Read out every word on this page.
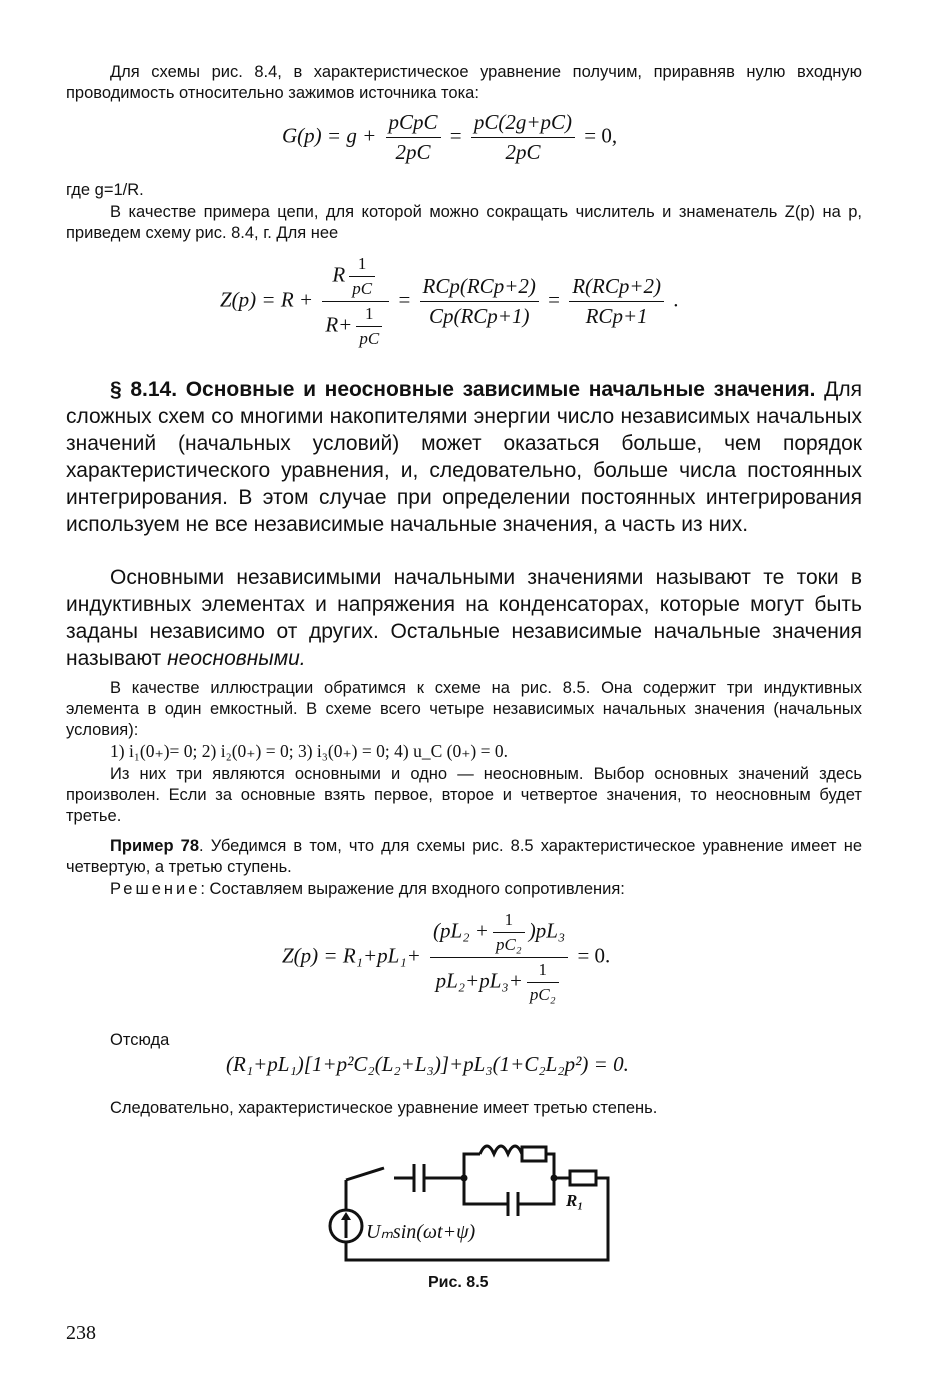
Для схемы рис. 8.4, в характеристическое уравнение получим, приравняв нулю входную проводимость относительно зажимов источника тока:

$G(p) = g + \frac{\text{pCpC}}{2pC} = \frac{pC(2g+pC)}{2pC} = 0$,

где g=1/R.

В качестве примера цепи, для которой можно сокращать числитель и знаменатель Z(p) на p, приведем схему рис. 8.4, г. Для нее

$Z(p) = R + \frac{R \frac{1}{pC}}{R+ \frac{1}{pC}} = \frac{\text{RCp(RCp+2)}}{\text{Cp(RCp+1)}} = \frac{\text{R(RCp+2)}}{\text{RCp+1}}$ .

§ 8.14. Основные и неосновные зависимые начальные значения. Для сложных схем со многими накопителями энергии число независимых начальных значений (начальных условий) может оказаться больше, чем порядок характеристического уравнения, и, следовательно, больше числа постоянных интегрирования. В этом случае при определении постоянных интегрирования используем не все независимые начальные значения, а часть из них.

Основными независимыми начальными значениями называют те токи в индуктивных элементах и напряжения на конденсаторах, которые могут быть заданы независимо от других. Остальные независимые начальные значения называют неосновными.

В качестве иллюстрации обратимся к схеме на рис. 8.5. Она содержит три индуктивных элемента в один емкостный. В схеме всего четыре независимых начальных значения (начальных условия):

1) i₁(0₊)= 0; 2) i₂(0₊) = 0; 3) i₃(0₊) = 0; 4) u_C (0₊) = 0.

Из них три являются основными и одно — неосновным. Выбор основных значений здесь произволен. Если за основные взять первое, второе и четвертое значения, то неосновным будет третье.

Пример 78. Убедимся в том, что для схемы рис. 8.5 характеристическое уравнение имеет не четвертую, а третью ступень.

Решение: Составляем выражение для входного сопротивления:

$Z(p) = R_1+pL_1+ \frac{(pL_2 + \frac{1}{\text{pC₂}} )pL_3}{pL_2+pL_3+ \frac{1}{\text{pC₂}}} = 0$.

Отсюда

(R₁+pL₁)[1+p²C₂(L₂+L₃)]+pL₃(1+C₂L₂p²) = 0.

Следовательно, характеристическое уравнение имеет третью степень.

Uₘsin(ωt+ψ)
R₁
Рис. 8.5
238
